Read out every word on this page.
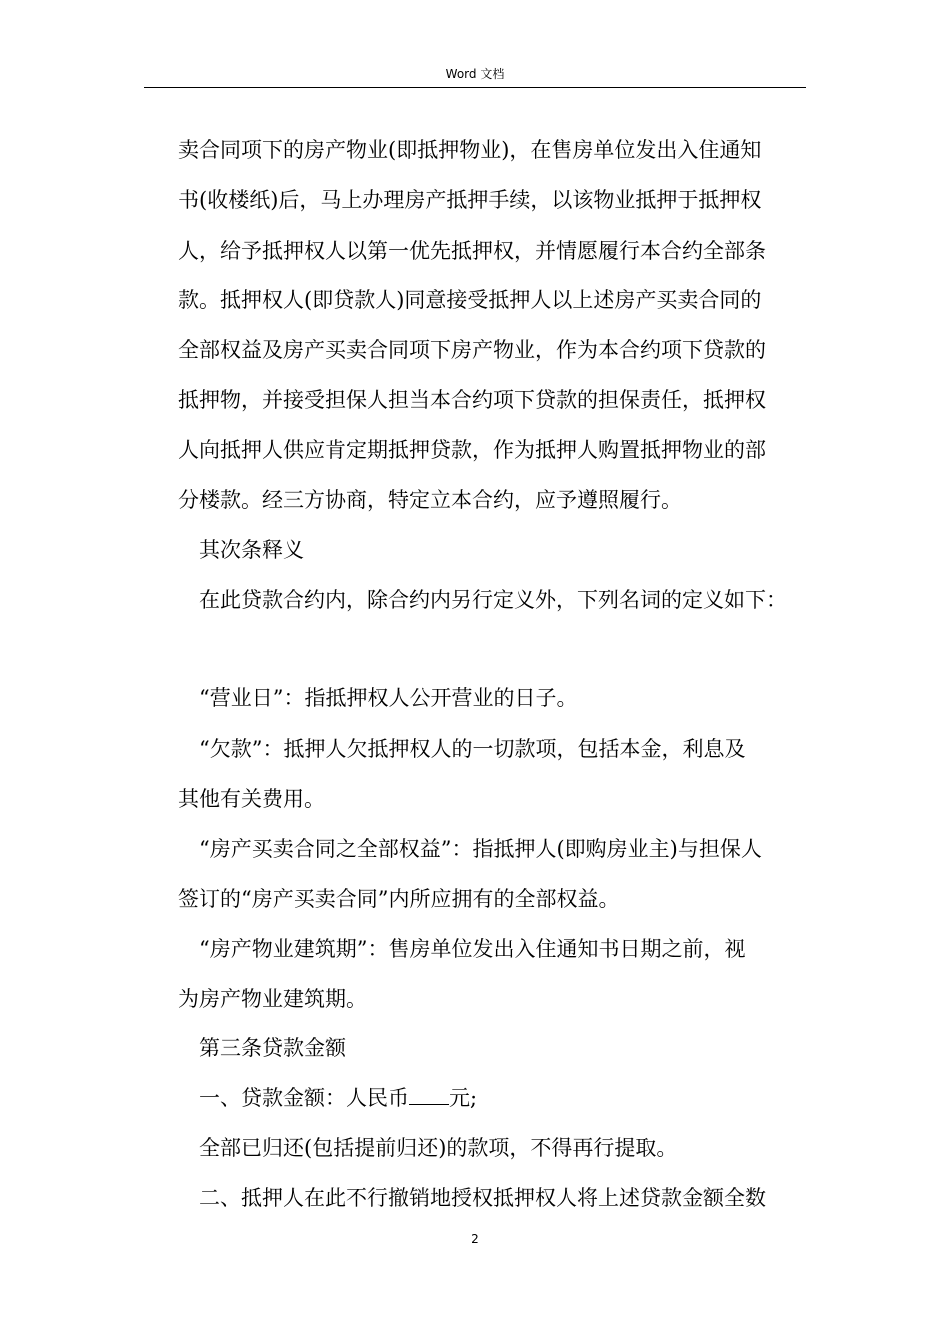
Word 文档
卖合同项下的房产物业(即抵押物业)，在售房单位发出入住通知
书(收楼纸)后，马上办理房产抵押手续，以该物业抵押于抵押权
人，给予抵押权人以第一优先抵押权，并情愿履行本合约全部条
款。抵押权人(即贷款人)同意接受抵押人以上述房产买卖合同的
全部权益及房产买卖合同项下房产物业，作为本合约项下贷款的
抵押物，并接受担保人担当本合约项下贷款的担保责任，抵押权
人向抵押人供应肯定期抵押贷款，作为抵押人购置抵押物业的部
分楼款。经三方协商，特定立本合约，应予遵照履行。
其次条释义
在此贷款合约内，除合约内另行定义外，下列名词的定义如下：
“营业日”：指抵押权人公开营业的日子。
“欠款”：抵押人欠抵押权人的一切款项，包括本金，利息及
其他有关费用。
“房产买卖合同之全部权益”：指抵押人(即购房业主)与担保人
签订的“房产买卖合同”内所应拥有的全部权益。
“房产物业建筑期”：售房单位发出入住通知书日期之前，视
为房产物业建筑期。
第三条贷款金额
一、贷款金额：人民币 元;
全部已归还(包括提前归还)的款项，不得再行提取。
二、抵押人在此不行撤销地授权抵押权人将上述贷款金额全数
2
